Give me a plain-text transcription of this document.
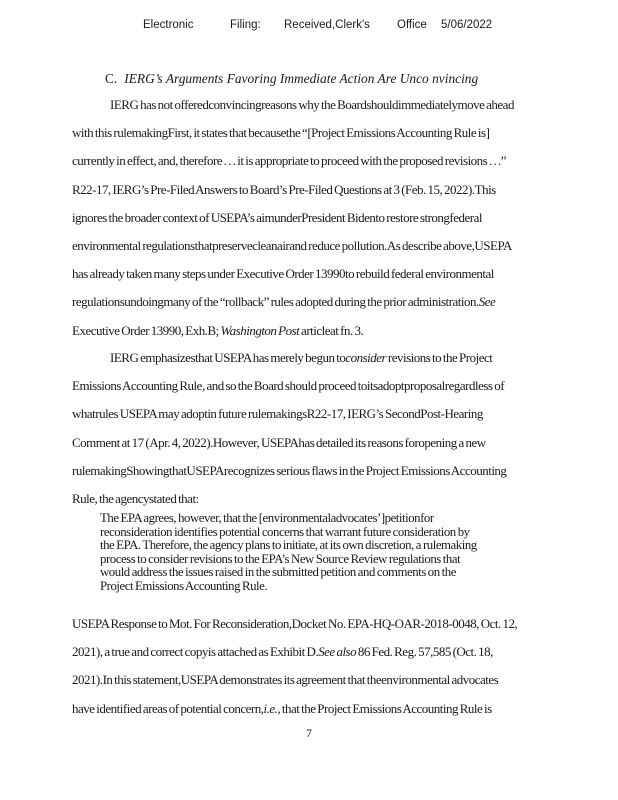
Electronic	Filing: Received,Clerk's Office 5/06/2022
C. IERG’s Arguments Favoring Immediate Action Are Unco nvincing
IERG has not offeredconvincingreasons why the Boardshouldimmediatelymove ahead
with this rulemakingFirst, it states that becausethe “[Project Emissions Accounting Rule is]
currently in effect, and, therefore . . . it is appropriate to proceed with the proposed revisions . . .”
R22-17, IERG’s Pre-Filed Answers to Board’s Pre-Filed Questions at 3 (Feb. 15, 2022).This
ignores the broader context of USEPA’s aimunderPresident Bidento restore strongfederal
environmental regulationsthatpreservecleanairand reduce pollution.As describe above,USEPA
has already taken many steps under Executive Order 13990to rebuild federal environmental
regulationsundoingmany of the “rollback” rules adopted during the prior administration.See
Executive Order 13990, Exh.B; Washington Post articleat fn. 3.
IERG emphasizesthat USEPA has merely begun toconsider revisions to the Project
Emissions Accounting Rule, and so the Board should proceed toitsadoptproposalregardless of
whatrules USEPA may adoptin future rulemakingsR22-17, IERG’s SecondPost-Hearing
Comment at 17 (Apr. 4, 2022).However, USEPAhas detailed its reasons foropening a new
rulemakingShowingthatUSEPArecognizes serious flaws in the Project Emissions Accounting
Rule, the agencystated that:
The EPA agrees, however, that the [environmentaladvocates’]petitionfor
reconsideration identifies potential concerns that warrant future consideration by
the EPA. Therefore, the agency plans to initiate, at its own discretion, a rulemaking
process to consider revisions to the EPA’s New Source Review regulations that
would address the issues raised in the submitted petition and comments on the
Project Emissions Accounting Rule.
USEPA Response to Mot. For Reconsideration,Docket No. EPA-HQ-OAR-2018-0048, Oct. 12,
2021), a true and correct copyis attached as Exhibit D.See also 86 Fed. Reg. 57,585 (Oct. 18,
2021).In this statement,USEPA demonstrates its agreement that theenvironmental advocates
have identified areas of potential concern,i.e., that the Project Emissions Accounting Rule is
7
